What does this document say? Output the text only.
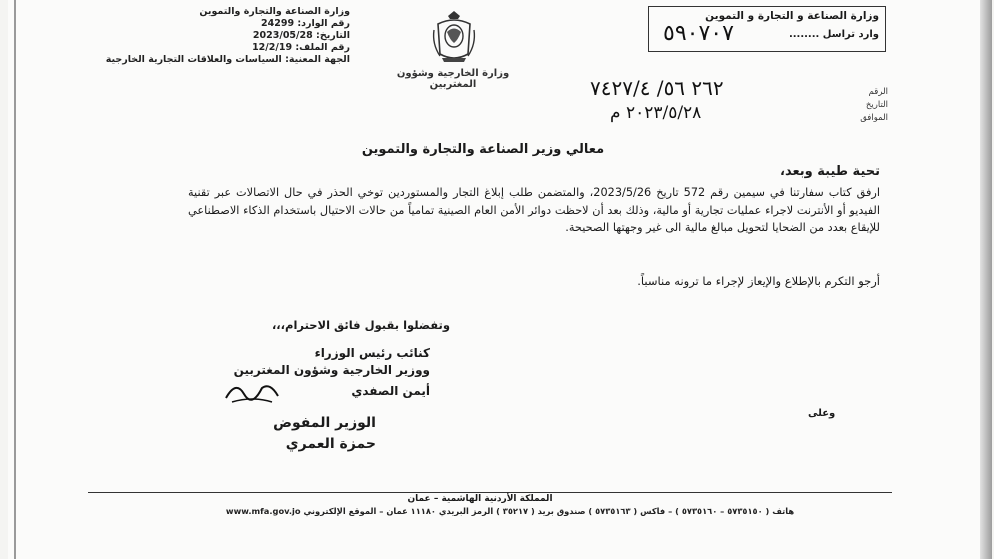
وزارة الصناعة والتجارة والتموين
رقم الوارد: 24299
التاريخ: 2023/05/28
رقم الملف: 12/2/19
الجهة المعنية: السياسات والعلاقات التجارية الخارجية
وزارة الصناعة و التجارة و التموين
وارد تراسل ........
٥٩٠٧٠٧
وزارة الخارجية وشؤون المغتربين
الرقم
التاريخ
الموافق
٢٦٢ ٥٦/ ٧٤٢٧/٤
٢٠٢٣/٥/٢٨ م
معالي وزير الصناعة والتجارة والتموين
تحية طيبة وبعد،
ارفق كتاب سفارتنا في سيمين رقم 572 تاريخ 2023/5/26، والمتضمن طلب إبلاغ التجار والمستوردين توخي الحذر في حال الاتصالات عبر تقنية الفيديو أو الأنترنت لاجراء عمليات تجارية أو مالية، وذلك بعد أن لاحظت دوائر الأمن العام الصينية تمامياً من حالات الاحتيال باستخدام الذكاء الاصطناعي للإيقاع بعدد من الضحايا لتحويل مبالغ مالية الى غير وجهتها الصحيحة.
أرجو التكرم بالإطلاع والإيعاز لإجراء ما ترونه مناسباً.
وتفضلوا بقبول فائق الاحترام،،،
كنائب رئيس الوزراء
ووزير الخارجية وشؤون المغتربين
أيمن الصفدي
الوزير المفوض
حمزة العمري
وعلى
المملكة الأردنية الهاشمية – عمان
هاتف ( ٥٧٣٥١٥٠ – ٥٧٣٥١٦٠ ) – فاكس ( ٥٧٣٥١٦٣ ) صندوق بريد ( ٣٥٢١٧ ) الرمز البريدي ١١١٨٠ عمان – الموقع الإلكتروني www.mfa.gov.jo
